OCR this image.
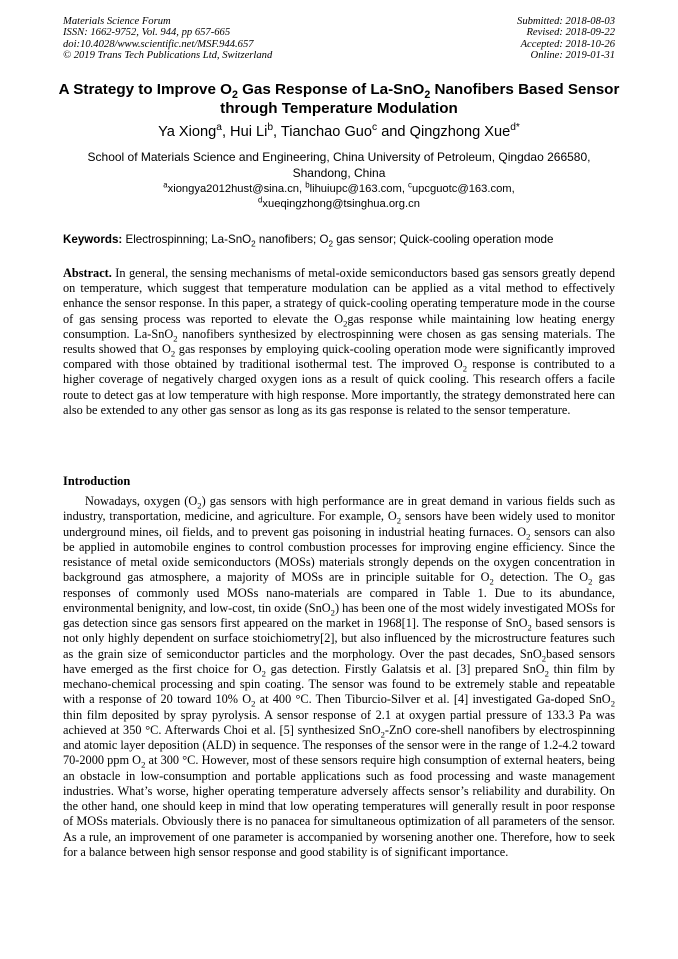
Materials Science Forum
ISSN: 1662-9752, Vol. 944, pp 657-665
doi:10.4028/www.scientific.net/MSF.944.657
© 2019 Trans Tech Publications Ltd, Switzerland
Submitted: 2018-08-03
Revised: 2018-09-22
Accepted: 2018-10-26
Online: 2019-01-31
A Strategy to Improve $O_2$ Gas Response of La-SnO$_2$ Nanofibers Based Sensor through Temperature Modulation
Ya Xiong$^a$, Hui Li$^b$, Tianchao Guo$^c$ and Qingzhong Xue$^{d*}$
School of Materials Science and Engineering, China University of Petroleum, Qingdao 266580, Shandong, China
$^a$xiongya2012hust@sina.cn, $^b$lihuiupc@163.com, $^c$upcguotc@163.com,
$^d$xueqingzhong@tsinghua.org.cn
Keywords: Electrospinning; La-SnO$_2$ nanofibers; $O_2$ gas sensor; Quick-cooling operation mode
Abstract. In general, the sensing mechanisms of metal-oxide semiconductors based gas sensors greatly depend on temperature, which suggest that temperature modulation can be applied as a vital method to effectively enhance the sensor response. In this paper, a strategy of quick-cooling operating temperature mode in the course of gas sensing process was reported to elevate the $O_2gas$ response while maintaining low heating energy consumption. La-SnO$_2$ nanofibers synthesized by electrospinning were chosen as gas sensing materials. The results showed that $O_2$ gas responses by employing quick-cooling operation mode were significantly improved compared with those obtained by traditional isothermal test. The improved $O_2$ response is contributed to a higher coverage of negatively charged oxygen ions as a result of quick cooling. This research offers a facile route to detect gas at low temperature with high response. More importantly, the strategy demonstrated here can also be extended to any other gas sensor as long as its gas response is related to the sensor temperature.
Introduction
Nowadays, oxygen $(O_2)$ gas sensors with high performance are in great demand in various fields such as industry, transportation, medicine, and agriculture. For example, $O_2$ sensors have been widely used to monitor underground mines, oil fields, and to prevent gas poisoning in industrial heating furnaces. $O_2$ sensors can also be applied in automobile engines to control combustion processes for improving engine efficiency. Since the resistance of metal oxide semiconductors (MOSs) materials strongly depends on the oxygen concentration in background gas atmosphere, a majority of MOSs are in principle suitable for $O_2$ detection. The $O_2$ gas responses of commonly used MOSs nano-materials are compared in Table 1. Due to its abundance, environmental benignity, and low-cost, tin oxide (SnO$_2$) has been one of the most widely investigated MOSs for gas detection since gas sensors first appeared on the market in 1968[1]. The response of SnO$_2$ based sensors is not only highly dependent on surface stoichiometry[2], but also influenced by the microstructure features such as the grain size of semiconductor particles and the morphology. Over the past decades, SnO$_2$based sensors have emerged as the first choice for $O_2$ gas detection. Firstly Galatsis et al. [3] prepared SnO$_2$ thin film by mechano-chemical processing and spin coating. The sensor was found to be extremely stable and repeatable with a response of 20 toward 10% $O_2$ at 400 °C. Then Tiburcio-Silver et al. [4] investigated Ga-doped SnO$_2$ thin film deposited by spray pyrolysis. A sensor response of 2.1 at oxygen partial pressure of 133.3 Pa was achieved at 350 °C. Afterwards Choi et al. [5] synthesized SnO$_2$-ZnO core-shell nanofibers by electrospinning and atomic layer deposition (ALD) in sequence. The responses of the sensor were in the range of 1.2-4.2 toward 70-2000 ppm $O_2$ at 300 °C. However, most of these sensors require high consumption of external heaters, being an obstacle in low-consumption and portable applications such as food processing and waste management industries. What’s worse, higher operating temperature adversely affects sensor’s reliability and durability. On the other hand, one should keep in mind that low operating temperatures will generally result in poor response of MOSs materials. Obviously there is no panacea for simultaneous optimization of all parameters of the sensor. As a rule, an improvement of one parameter is accompanied by worsening another one. Therefore, how to seek for a balance between high sensor response and good stability is of significant importance.
